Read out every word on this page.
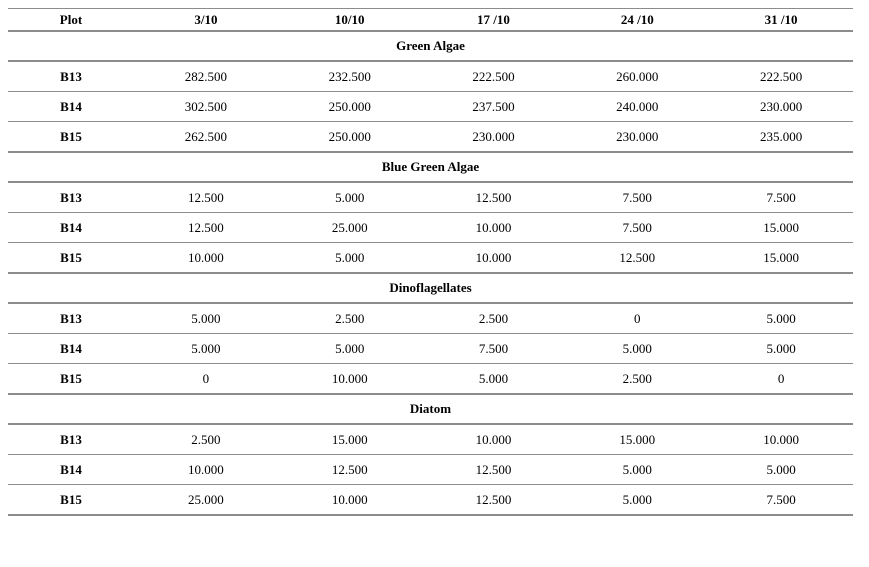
Plot	3/10	10/10	17 /10	24 /10	31 /10
Green Algae					
B13	282.500	232.500	222.500	260.000	222.500
B14	302.500	250.000	237.500	240.000	230.000
B15	262.500	250.000	230.000	230.000	235.000
Blue Green Algae					
B13	12.500	5.000	12.500	7.500	7.500
B14	12.500	25.000	10.000	7.500	15.000
B15	10.000	5.000	10.000	12.500	15.000
Dinoflagellates					
B13	5.000	2.500	2.500	0	5.000
B14	5.000	5.000	7.500	5.000	5.000
B15	0	10.000	5.000	2.500	0
Diatom					
B13	2.500	15.000	10.000	15.000	10.000
B14	10.000	12.500	12.500	5.000	5.000
B15	25.000	10.000	12.500	5.000	7.500
